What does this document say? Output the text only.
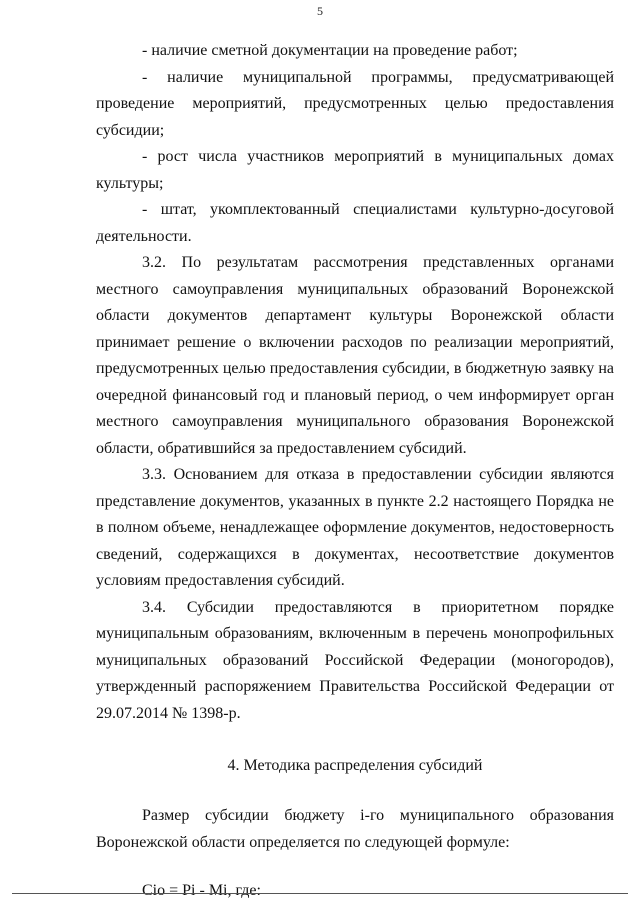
5

- наличие сметной документации на проведение работ;

- наличие муниципальной программы, предусматривающей проведение мероприятий, предусмотренных целью предоставления субсидии;

- рост числа участников мероприятий в муниципальных домах культуры;

- штат, укомплектованный специалистами культурно-досуговой деятельности.

3.2. По результатам рассмотрения представленных органами местного самоуправления муниципальных образований Воронежской области документов департамент культуры Воронежской области принимает решение о включении расходов по реализации мероприятий, предусмотренных целью предоставления субсидии, в бюджетную заявку на очередной финансовый год и плановый период, о чем информирует орган местного самоуправления муниципального образования Воронежской области, обратившийся за предоставлением субсидий.

3.3. Основанием для отказа в предоставлении субсидии являются представление документов, указанных в пункте 2.2 настоящего Порядка не в полном объеме, ненадлежащее оформление документов, недостоверность сведений, содержащихся в документах, несоответствие документов условиям предоставления субсидий.

3.4. Субсидии предоставляются в приоритетном порядке муниципальным образованиям, включенным в перечень монопрофильных муниципальных образований Российской Федерации (моногородов), утвержденный распоряжением Правительства Российской Федерации от 29.07.2014 № 1398-р.

4. Методика распределения субсидий

Размер субсидии бюджету i-го муниципального образования Воронежской области определяется по следующей формуле:

Сio = Pi - Mi, где:
